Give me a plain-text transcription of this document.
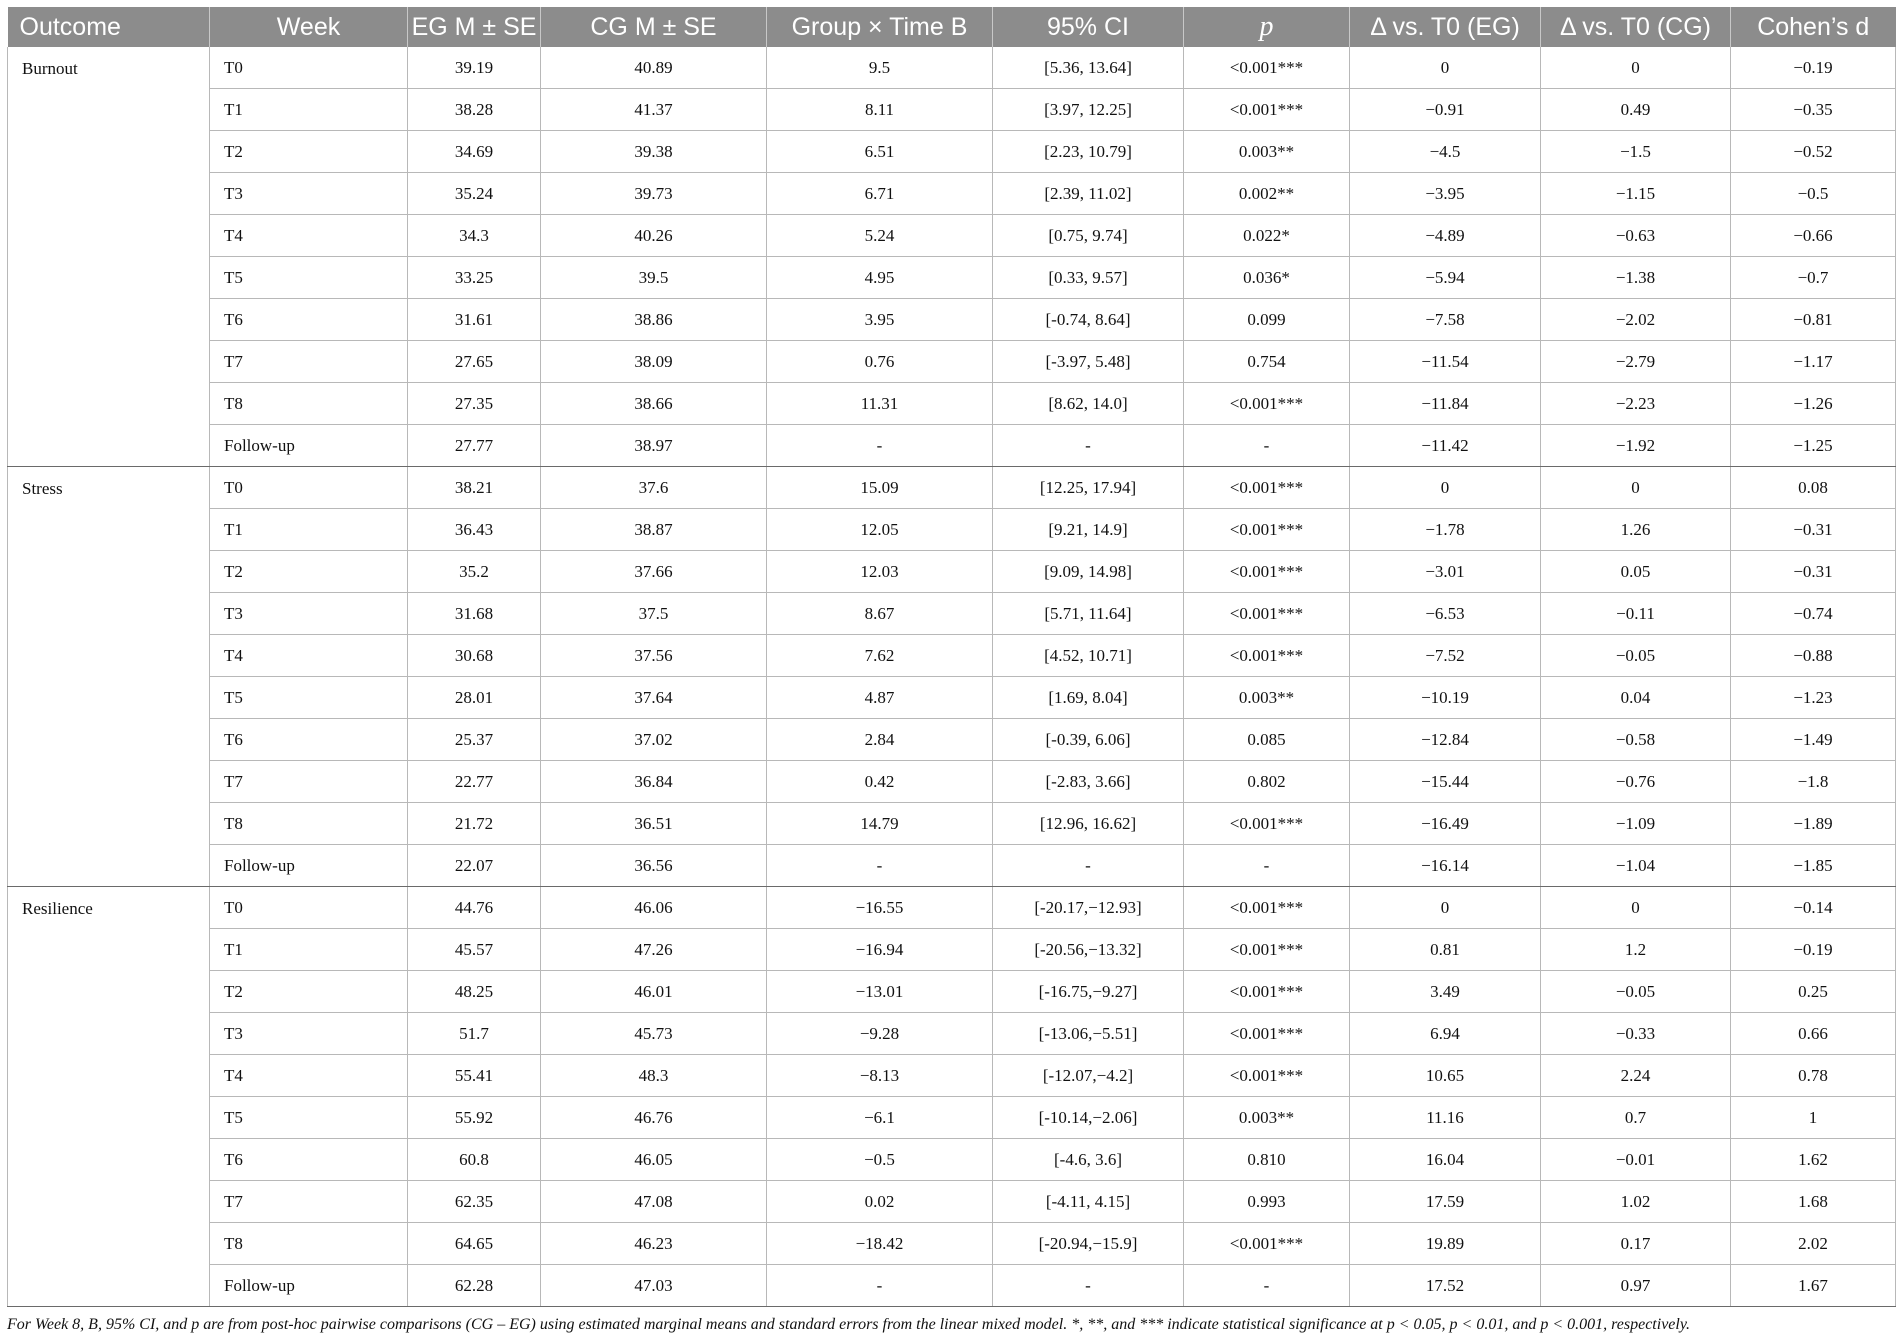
Outcome	Week	EG M ± SE	CG M ± SE	Group × Time B	95% CI	p	Δ vs. T0 (EG)	Δ vs. T0 (CG)	Cohen’s d
Burnout	T0	39.19	40.89	9.5	[5.36, 13.64]	<0.001***	0	0	−0.19
	T1	38.28	41.37	8.11	[3.97, 12.25]	<0.001***	−0.91	0.49	−0.35
	T2	34.69	39.38	6.51	[2.23, 10.79]	0.003**	−4.5	−1.5	−0.52
	T3	35.24	39.73	6.71	[2.39, 11.02]	0.002**	−3.95	−1.15	−0.5
	T4	34.3	40.26	5.24	[0.75, 9.74]	0.022*	−4.89	−0.63	−0.66
	T5	33.25	39.5	4.95	[0.33, 9.57]	0.036*	−5.94	−1.38	−0.7
	T6	31.61	38.86	3.95	[-0.74, 8.64]	0.099	−7.58	−2.02	−0.81
	T7	27.65	38.09	0.76	[-3.97, 5.48]	0.754	−11.54	−2.79	−1.17
	T8	27.35	38.66	11.31	[8.62, 14.0]	<0.001***	−11.84	−2.23	−1.26
	Follow-up	27.77	38.97	-	-	-	−11.42	−1.92	−1.25
Stress	T0	38.21	37.6	15.09	[12.25, 17.94]	<0.001***	0	0	0.08
	T1	36.43	38.87	12.05	[9.21, 14.9]	<0.001***	−1.78	1.26	−0.31
	T2	35.2	37.66	12.03	[9.09, 14.98]	<0.001***	−3.01	0.05	−0.31
	T3	31.68	37.5	8.67	[5.71, 11.64]	<0.001***	−6.53	−0.11	−0.74
	T4	30.68	37.56	7.62	[4.52, 10.71]	<0.001***	−7.52	−0.05	−0.88
	T5	28.01	37.64	4.87	[1.69, 8.04]	0.003**	−10.19	0.04	−1.23
	T6	25.37	37.02	2.84	[-0.39, 6.06]	0.085	−12.84	−0.58	−1.49
	T7	22.77	36.84	0.42	[-2.83, 3.66]	0.802	−15.44	−0.76	−1.8
	T8	21.72	36.51	14.79	[12.96, 16.62]	<0.001***	−16.49	−1.09	−1.89
	Follow-up	22.07	36.56	-	-	-	−16.14	−1.04	−1.85
Resilience	T0	44.76	46.06	−16.55	[-20.17,−12.93]	<0.001***	0	0	−0.14
	T1	45.57	47.26	−16.94	[-20.56,−13.32]	<0.001***	0.81	1.2	−0.19
	T2	48.25	46.01	−13.01	[-16.75,−9.27]	<0.001***	3.49	−0.05	0.25
	T3	51.7	45.73	−9.28	[-13.06,−5.51]	<0.001***	6.94	−0.33	0.66
	T4	55.41	48.3	−8.13	[-12.07,−4.2]	<0.001***	10.65	2.24	0.78
	T5	55.92	46.76	−6.1	[-10.14,−2.06]	0.003**	11.16	0.7	1
	T6	60.8	46.05	−0.5	[-4.6, 3.6]	0.810	16.04	−0.01	1.62
	T7	62.35	47.08	0.02	[-4.11, 4.15]	0.993	17.59	1.02	1.68
	T8	64.65	46.23	−18.42	[-20.94,−15.9]	<0.001***	19.89	0.17	2.02
	Follow-up	62.28	47.03	-	-	-	17.52	0.97	1.67
For Week 8, B, 95% CI, and p are from post-hoc pairwise comparisons (CG – EG) using estimated marginal means and standard errors from the linear mixed model. *, **, and *** indicate statistical significance at p < 0.05, p < 0.01, and p < 0.001, respectively.
